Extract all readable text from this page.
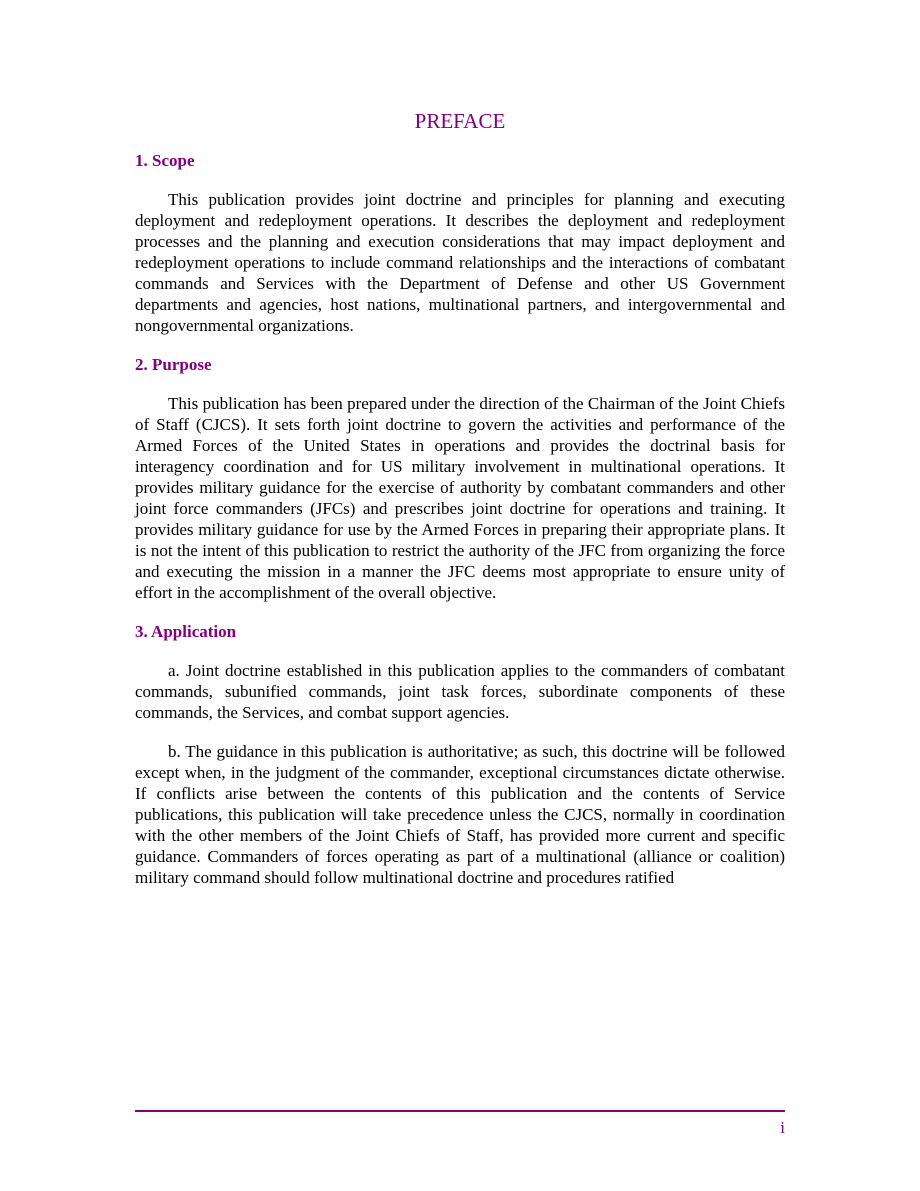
PREFACE
1. Scope

This publication provides joint doctrine and principles for planning and executing deployment and redeployment operations. It describes the deployment and redeployment processes and the planning and execution considerations that may impact deployment and redeployment operations to include command relationships and the interactions of combatant commands and Services with the Department of Defense and other US Government departments and agencies, host nations, multinational partners, and intergovernmental and nongovernmental organizations.

2. Purpose

This publication has been prepared under the direction of the Chairman of the Joint Chiefs of Staff (CJCS). It sets forth joint doctrine to govern the activities and performance of the Armed Forces of the United States in operations and provides the doctrinal basis for interagency coordination and for US military involvement in multinational operations. It provides military guidance for the exercise of authority by combatant commanders and other joint force commanders (JFCs) and prescribes joint doctrine for operations and training. It provides military guidance for use by the Armed Forces in preparing their appropriate plans. It is not the intent of this publication to restrict the authority of the JFC from organizing the force and executing the mission in a manner the JFC deems most appropriate to ensure unity of effort in the accomplishment of the overall objective.

3. Application

a. Joint doctrine established in this publication applies to the commanders of combatant commands, subunified commands, joint task forces, subordinate components of these commands, the Services, and combat support agencies.

b. The guidance in this publication is authoritative; as such, this doctrine will be followed except when, in the judgment of the commander, exceptional circumstances dictate otherwise. If conflicts arise between the contents of this publication and the contents of Service publications, this publication will take precedence unless the CJCS, normally in coordination with the other members of the Joint Chiefs of Staff, has provided more current and specific guidance. Commanders of forces operating as part of a multinational (alliance or coalition) military command should follow multinational doctrine and procedures ratified

i
